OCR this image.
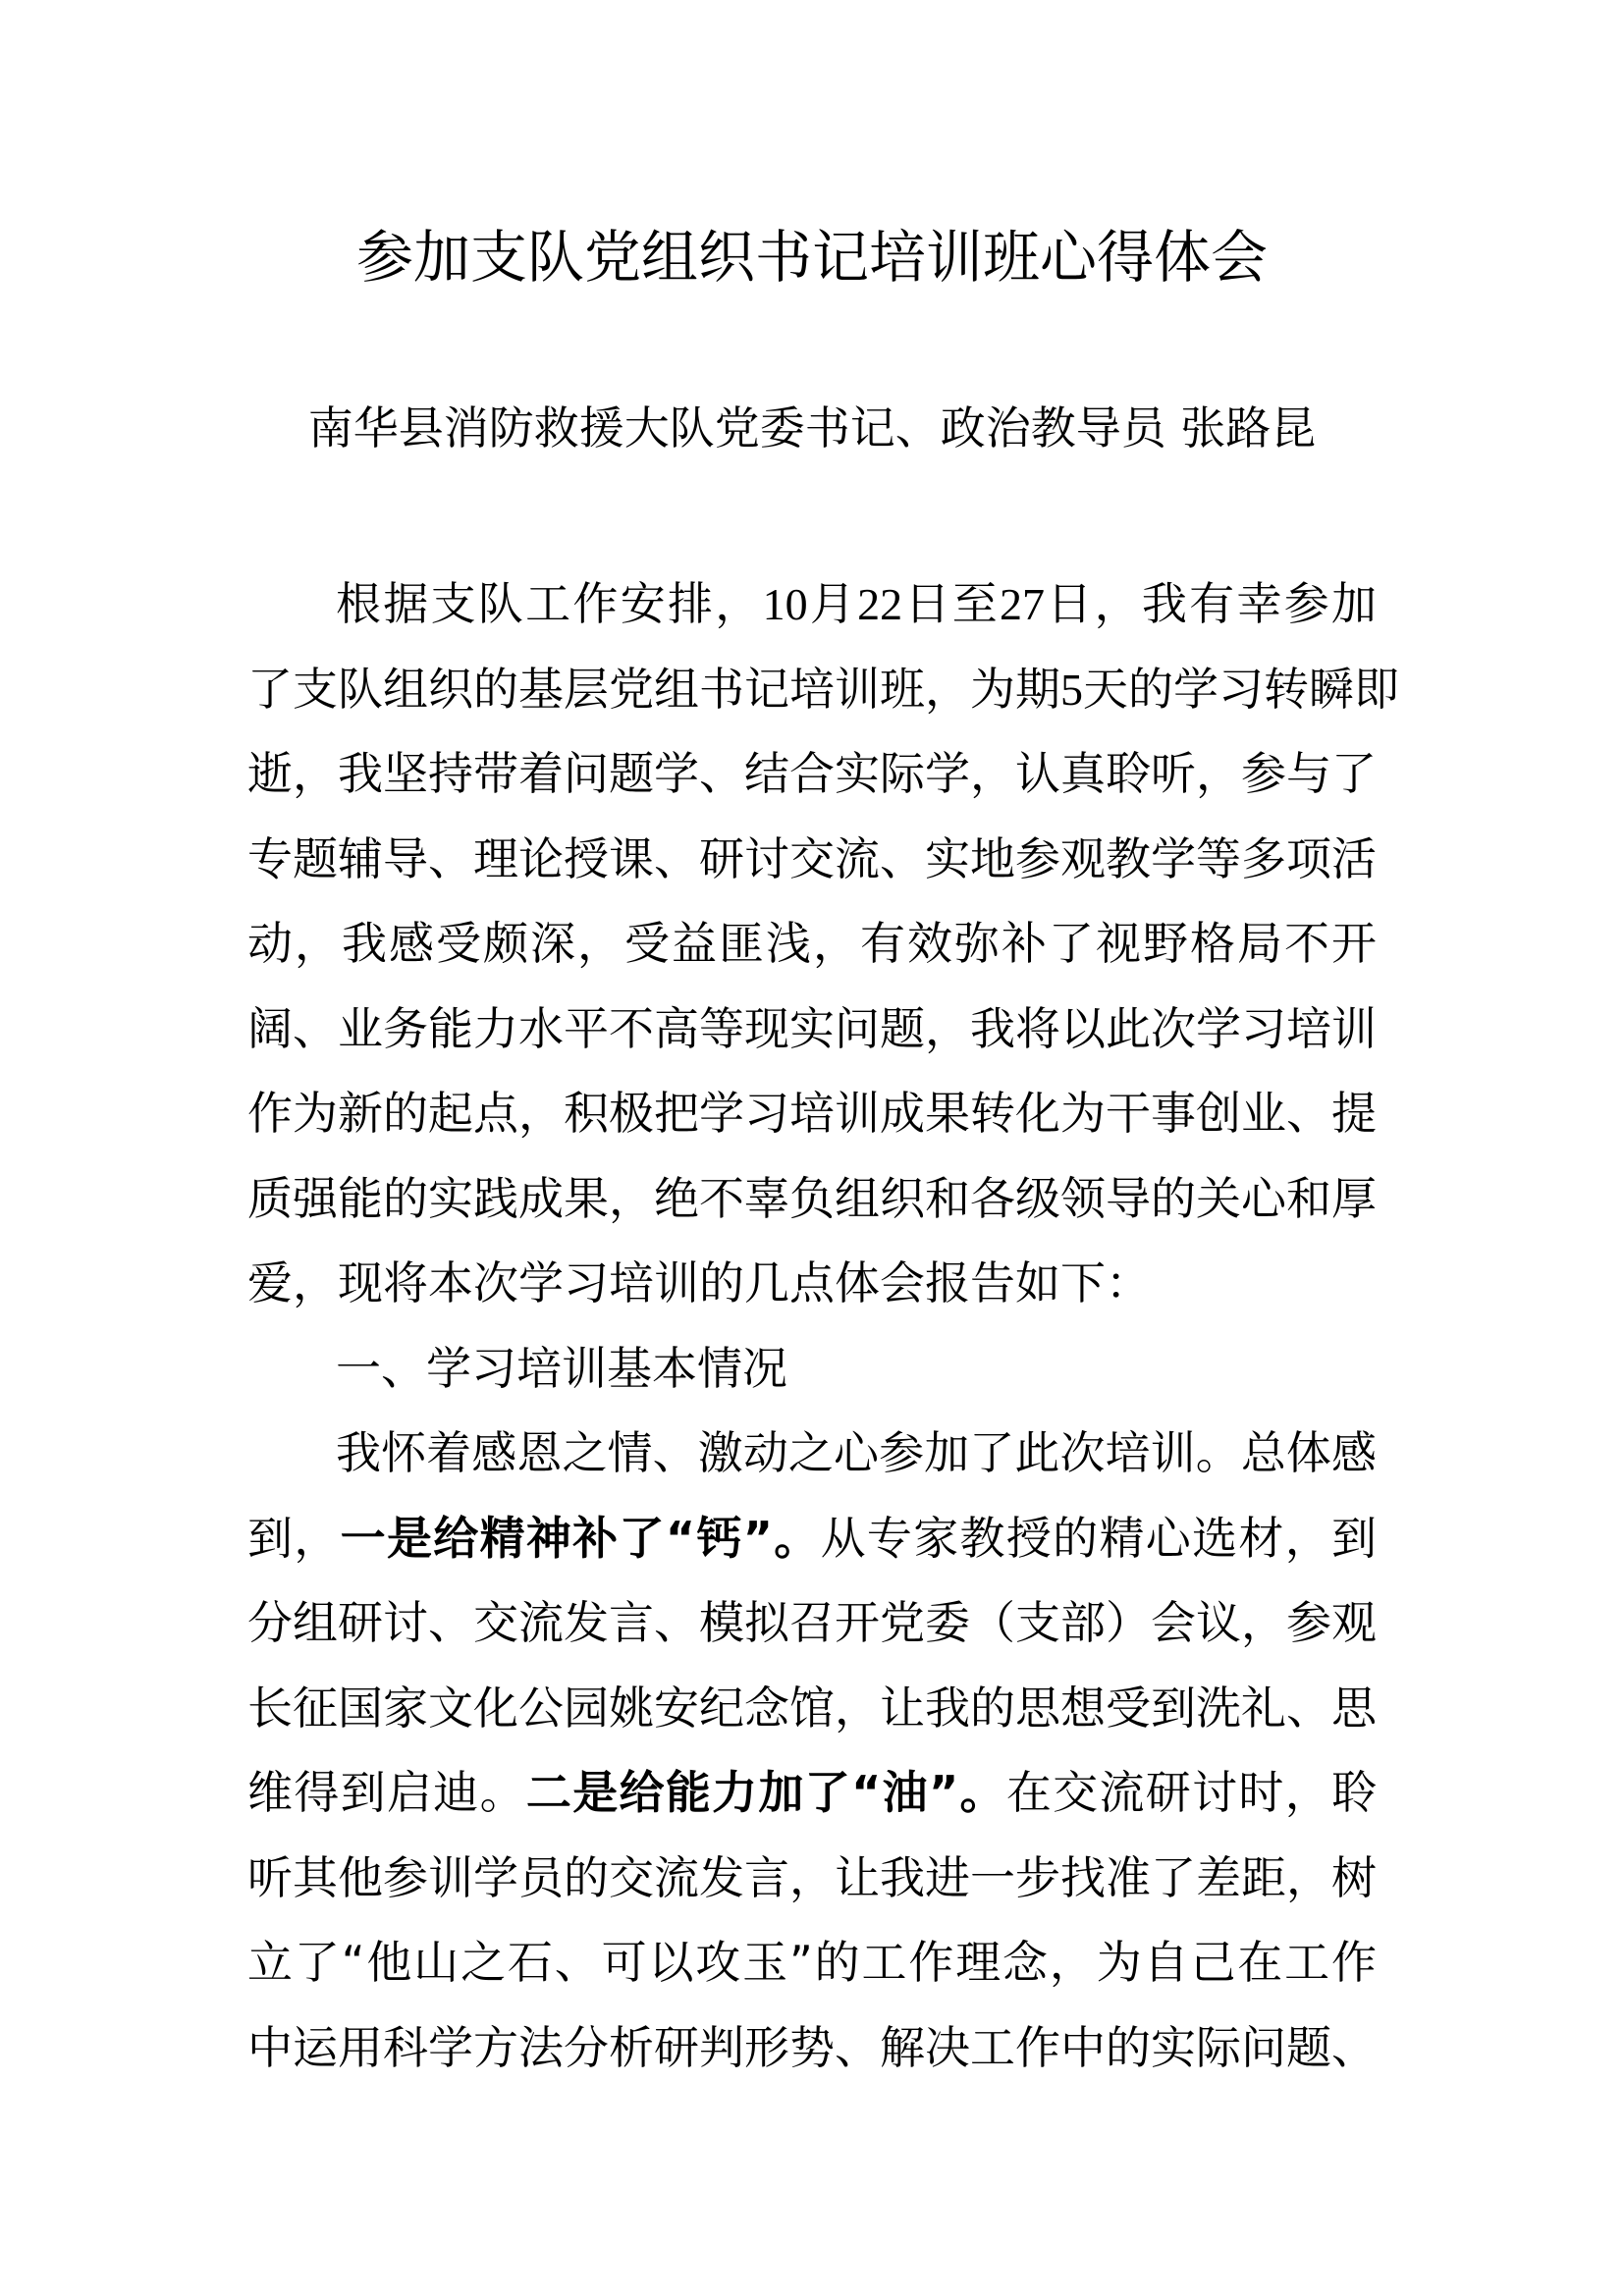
参加支队党组织书记培训班心得体会
南华县消防救援大队党委书记、政治教导员 张路昆
根据支队工作安排，10月22日至27日，我有幸参加
了支队组织的基层党组书记培训班，为期5天的学习转瞬即
逝，我坚持带着问题学、结合实际学，认真聆听，参与了
专题辅导、理论授课、研讨交流、实地参观教学等多项活
动，我感受颇深，受益匪浅，有效弥补了视野格局不开
阔、业务能力水平不高等现实问题，我将以此次学习培训
作为新的起点，积极把学习培训成果转化为干事创业、提
质强能的实践成果，绝不辜负组织和各级领导的关心和厚
爱，现将本次学习培训的几点体会报告如下：
一、学习培训基本情况
我怀着感恩之情、激动之心参加了此次培训。总体感
到，一是给精神补了“钙”。从专家教授的精心选材，到
分组研讨、交流发言、模拟召开党委（支部）会议，参观
长征国家文化公园姚安纪念馆，让我的思想受到洗礼、思
维得到启迪。二是给能力加了“油”。在交流研讨时，聆
听其他参训学员的交流发言，让我进一步找准了差距，树
立了“他山之石、可以攻玉”的工作理念，为自己在工作
中运用科学方法分析研判形势、解决工作中的实际问题、
